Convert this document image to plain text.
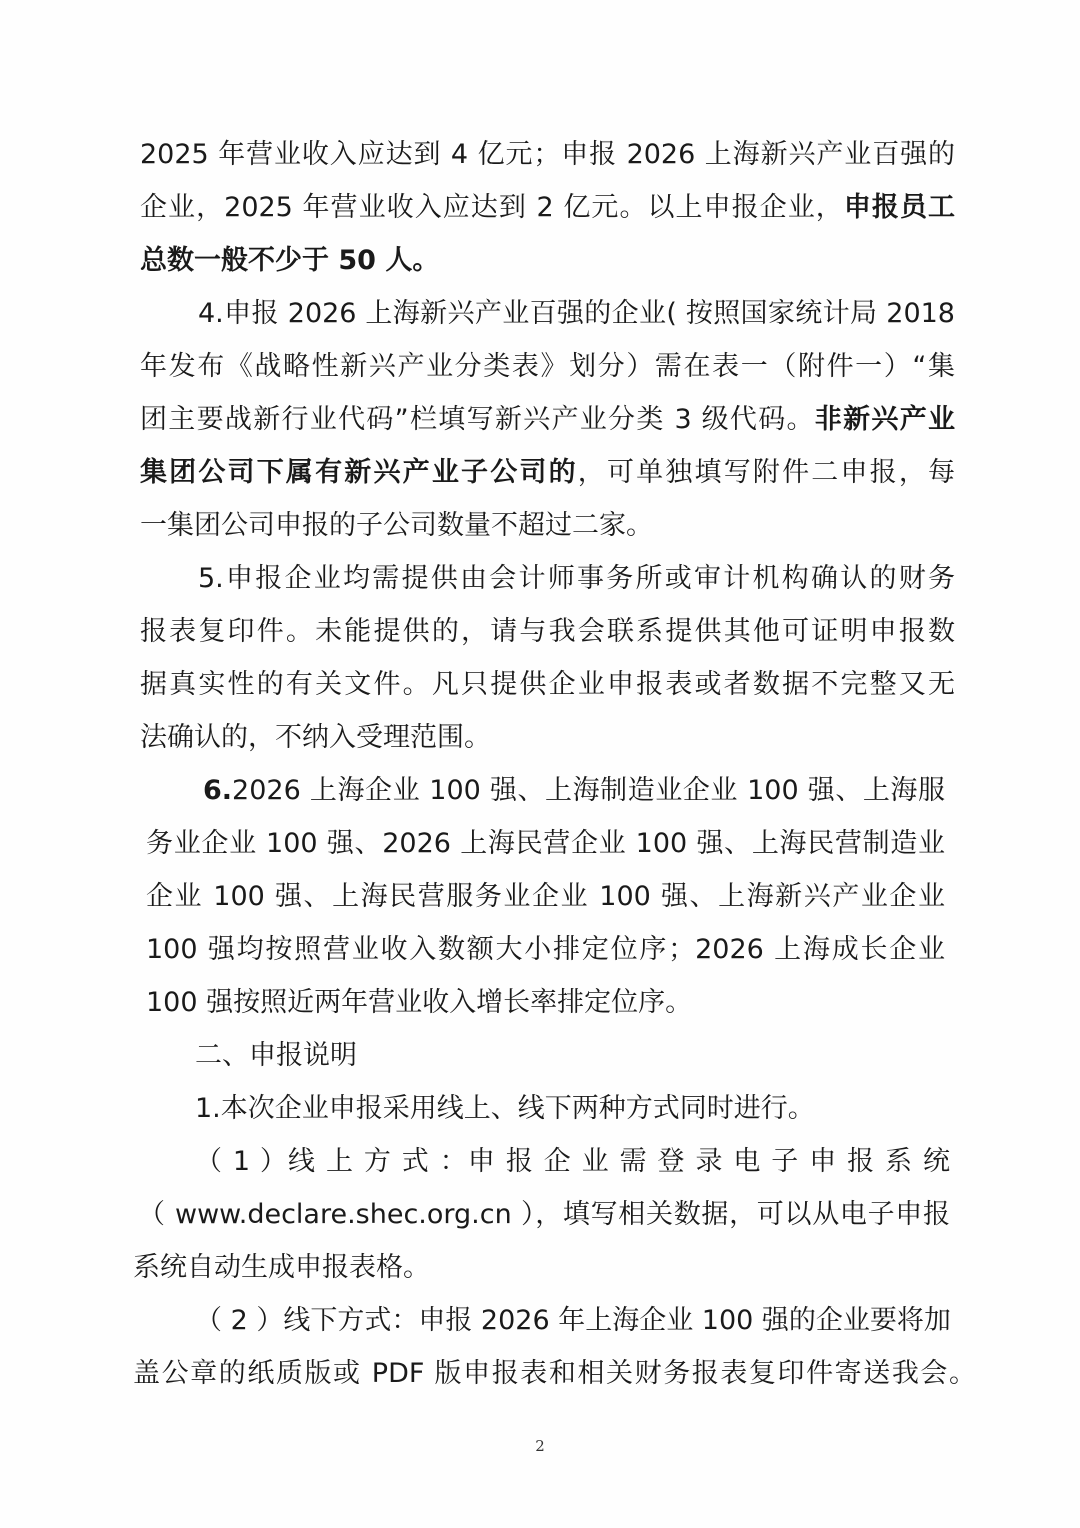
2025 年营业收入应达到 4 亿元；申报 2026 上海新兴产业百强的
企业，2025 年营业收入应达到 2 亿元。以上申报企业，申报员工
总数一般不少于 50 人。
4.申报 2026 上海新兴产业百强的企业( 按照国家统计局 2018
年发布《战略性新兴产业分类表》划分）需在表一（附件一）“集
团主要战新行业代码”栏填写新兴产业分类 3 级代码。非新兴产业
集团公司下属有新兴产业子公司的，可单独填写附件二申报，每
一集团公司申报的子公司数量不超过二家。
5.申报企业均需提供由会计师事务所或审计机构确认的财务
报表复印件。未能提供的，请与我会联系提供其他可证明申报数
据真实性的有关文件。凡只提供企业申报表或者数据不完整又无
法确认的，不纳入受理范围。
6.2026 上海企业 100 强、上海制造业企业 100 强、上海服
务业企业 100 强、2026 上海民营企业 100 强、上海民营制造业
企业 100 强、上海民营服务业企业 100 强、上海新兴产业企业
100 强均按照营业收入数额大小排定位序；2026 上海成长企业
100 强按照近两年营业收入增长率排定位序。
二、申报说明
1.本次企业申报采用线上、线下两种方式同时进行。
（ 1 ）线 上 方 式 ：申 报 企 业 需 登 录 电 子 申 报 系 统
（ www.declare.shec.org.cn ），填写相关数据，可以从电子申报
系统自动生成申报表格。
（ 2 ）线下方式：申报 2026 年上海企业 100 强的企业要将加
盖公章的纸质版或 PDF 版申报表和相关财务报表复印件寄送我会。
2
